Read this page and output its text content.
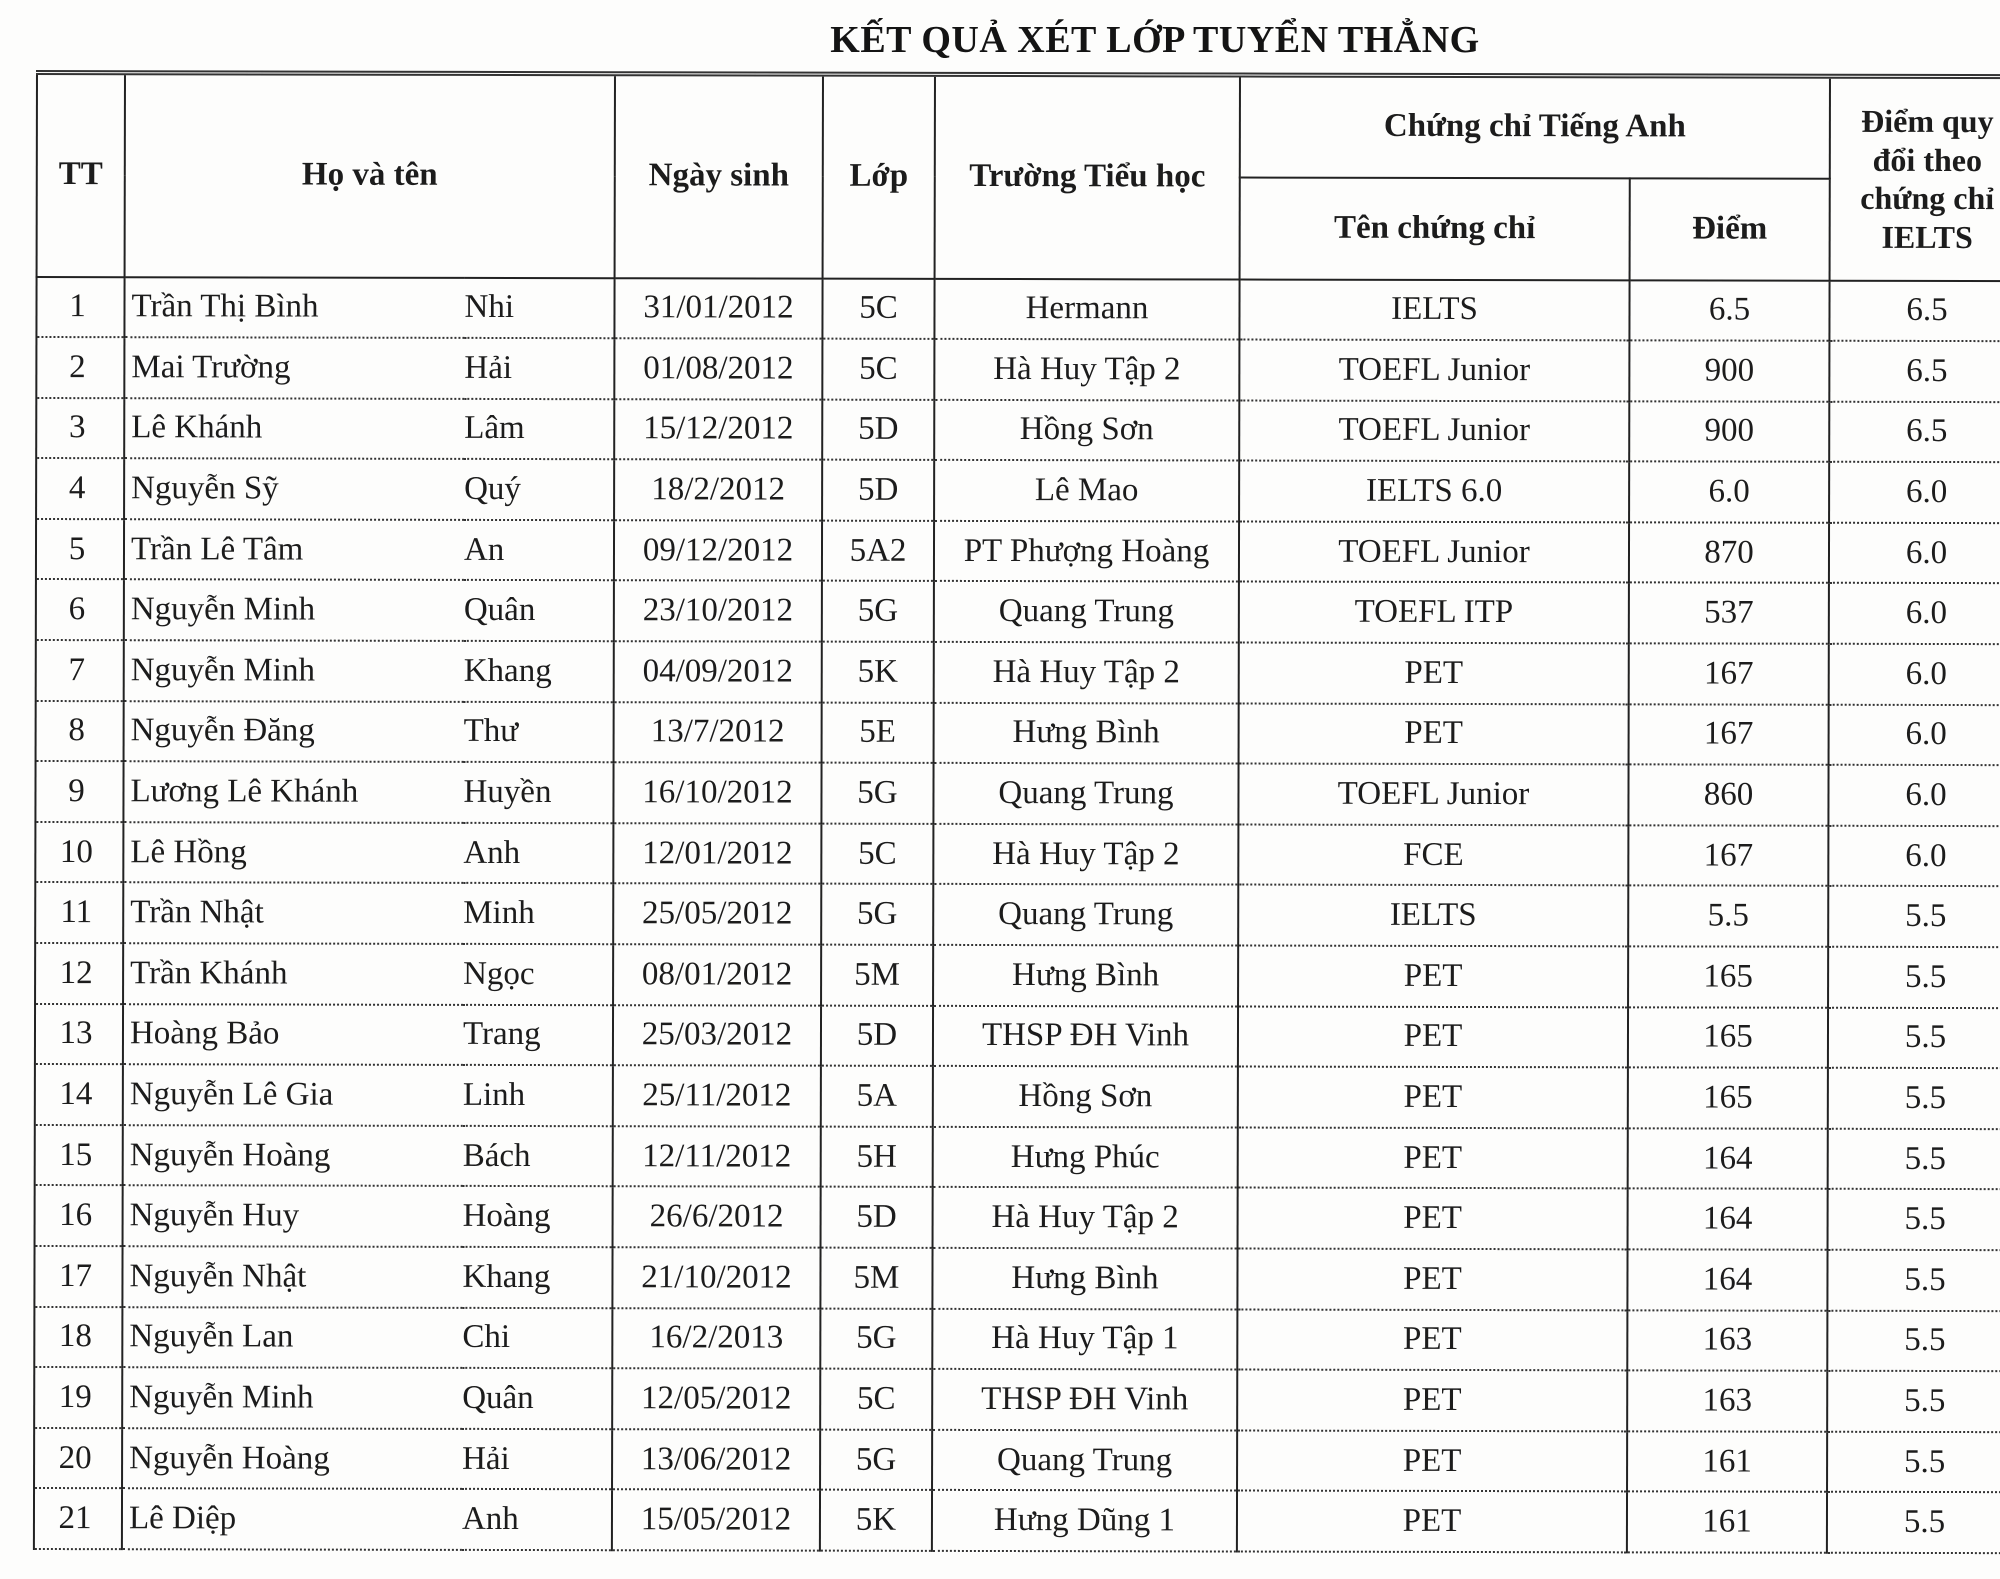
KẾT QUẢ XÉT LỚP TUYỂN THẲNG
TT	Họ và tên		Ngày sinh	Lớp	Trường Tiểu học	Chứng chỉ Tiếng Anh		Điểm quy
đổi theo
chứng chỉ
IELTS	

						Tên chứng chỉ	Điểm		
1	Trần Thị Bình	Nhi	31/01/2012	5C	Hermann	IELTS	6.5	6.5	
2	Mai Trường	Hải	01/08/2012	5C	Hà Huy Tập 2	TOEFL Junior	900	6.5	
3	Lê Khánh	Lâm	15/12/2012	5D	Hồng Sơn	TOEFL Junior	900	6.5	
4	Nguyễn Sỹ	Quý	18/2/2012	5D	Lê Mao	IELTS 6.0	6.0	6.0	
5	Trần Lê Tâm	An	09/12/2012	5A2	PT Phượng Hoàng	TOEFL Junior	870	6.0	
6	Nguyễn Minh	Quân	23/10/2012	5G	Quang Trung	TOEFL ITP	537	6.0	
7	Nguyễn Minh	Khang	04/09/2012	5K	Hà Huy Tập 2	PET	167	6.0	
8	Nguyễn Đăng	Thư	13/7/2012	5E	Hưng Bình	PET	167	6.0	
9	Lương Lê Khánh	Huyền	16/10/2012	5G	Quang Trung	TOEFL Junior	860	6.0	
10	Lê Hồng	Anh	12/01/2012	5C	Hà Huy Tập 2	FCE	167	6.0	
11	Trần Nhật	Minh	25/05/2012	5G	Quang Trung	IELTS	5.5	5.5	
12	Trần Khánh	Ngọc	08/01/2012	5M	Hưng Bình	PET	165	5.5	
13	Hoàng Bảo	Trang	25/03/2012	5D	THSP ĐH Vinh	PET	165	5.5	
14	Nguyễn Lê Gia	Linh	25/11/2012	5A	Hồng Sơn	PET	165	5.5	
15	Nguyễn Hoàng	Bách	12/11/2012	5H	Hưng Phúc	PET	164	5.5	
16	Nguyễn Huy	Hoàng	26/6/2012	5D	Hà Huy Tập 2	PET	164	5.5	
17	Nguyễn Nhật	Khang	21/10/2012	5M	Hưng Bình	PET	164	5.5	
18	Nguyễn Lan	Chi	16/2/2013	5G	Hà Huy Tập 1	PET	163	5.5	
19	Nguyễn Minh	Quân	12/05/2012	5C	THSP ĐH Vinh	PET	163	5.5	
20	Nguyễn Hoàng	Hải	13/06/2012	5G	Quang Trung	PET	161	5.5	
21	Lê Diệp	Anh	15/05/2012	5K	Hưng Dũng 1	PET	161	5.5	
